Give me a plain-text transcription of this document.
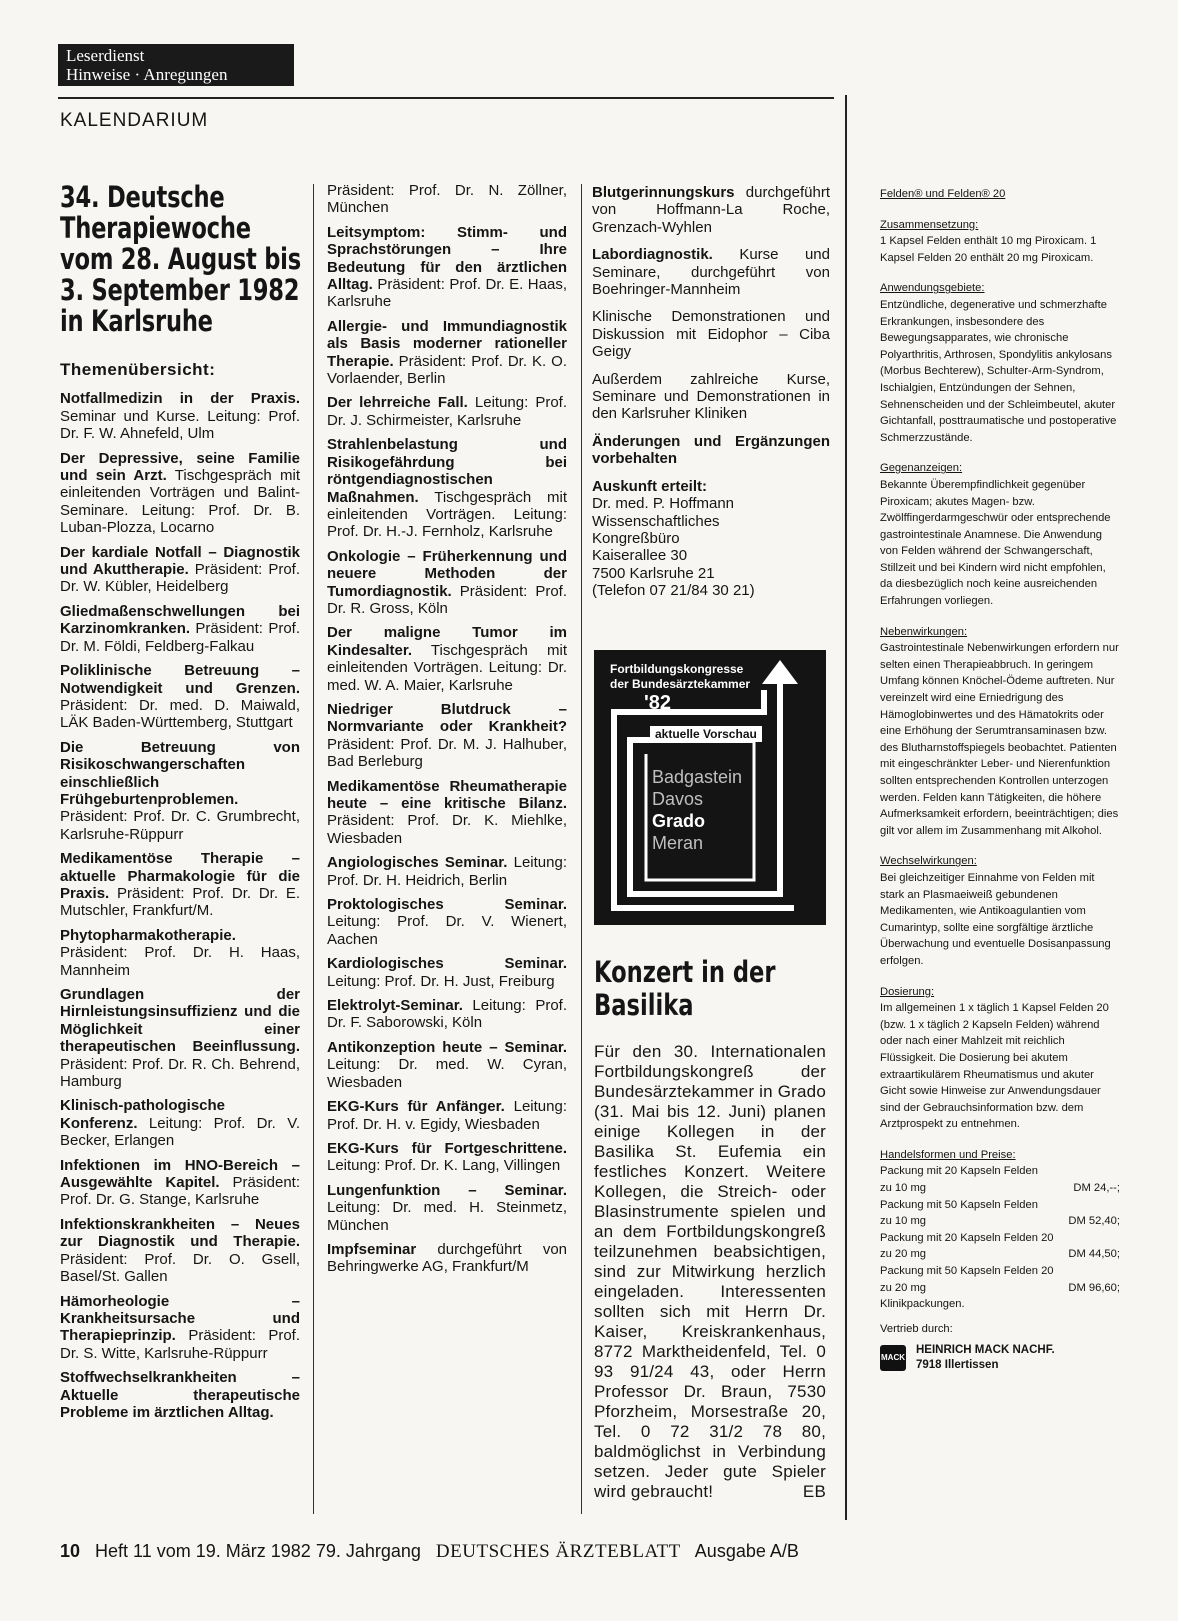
Leserdienst
Hinweise · Anregungen
KALENDARIUM
34. Deutsche Therapiewoche vom 28. August bis 3. September 1982 in Karlsruhe
Themenübersicht:
Notfallmedizin in der Praxis. Seminar und Kurse. Leitung: Prof. Dr. F. W. Ahnefeld, Ulm
Der Depressive, seine Familie und sein Arzt. Tischgespräch mit einleitenden Vorträgen und Balint-Seminare. Leitung: Prof. Dr. B. Luban-Plozza, Locarno
Der kardiale Notfall – Diagnostik und Akuttherapie. Präsident: Prof. Dr. W. Kübler, Heidelberg
Gliedmaßenschwellungen bei Karzinomkranken. Präsident: Prof. Dr. M. Földi, Feldberg-Falkau
Poliklinische Betreuung – Notwendigkeit und Grenzen. Präsident: Dr. med. D. Maiwald, LÄK Baden-Württemberg, Stuttgart
Die Betreuung von Risikoschwangerschaften einschließlich Frühgeburtenproblemen. Präsident: Prof. Dr. C. Grumbrecht, Karlsruhe-Rüppurr
Medikamentöse Therapie – aktuelle Pharmakologie für die Praxis. Präsident: Prof. Dr. Dr. E. Mutschler, Frankfurt/M.
Phytopharmakotherapie. Präsident: Prof. Dr. H. Haas, Mannheim
Grundlagen der Hirnleistungsinsuffizienz und die Möglichkeit einer therapeutischen Beeinflussung. Präsident: Prof. Dr. R. Ch. Behrend, Hamburg
Klinisch-pathologische Konferenz. Leitung: Prof. Dr. V. Becker, Erlangen
Infektionen im HNO-Bereich – Ausgewählte Kapitel. Präsident: Prof. Dr. G. Stange, Karlsruhe
Infektionskrankheiten – Neues zur Diagnostik und Therapie. Präsident: Prof. Dr. O. Gsell, Basel/St. Gallen
Hämorheologie – Krankheitsursache und Therapieprinzip. Präsident: Prof. Dr. S. Witte, Karlsruhe-Rüppurr
Stoffwechselkrankheiten – Aktuelle therapeutische Probleme im ärztlichen Alltag.
Präsident: Prof. Dr. N. Zöllner, München
Leitsymptom: Stimm- und Sprachstörungen – Ihre Bedeutung für den ärztlichen Alltag. Präsident: Prof. Dr. E. Haas, Karlsruhe
Allergie- und Immundiagnostik als Basis moderner rationeller Therapie. Präsident: Prof. Dr. K. O. Vorlaender, Berlin
Der lehrreiche Fall. Leitung: Prof. Dr. J. Schirmeister, Karlsruhe
Strahlenbelastung und Risikogefährdung bei röntgendiagnostischen Maßnahmen. Tischgespräch mit einleitenden Vorträgen. Leitung: Prof. Dr. H.-J. Fernholz, Karlsruhe
Onkologie – Früherkennung und neuere Methoden der Tumordiagnostik. Präsident: Prof. Dr. R. Gross, Köln
Der maligne Tumor im Kindesalter. Tischgespräch mit einleitenden Vorträgen. Leitung: Dr. med. W. A. Maier, Karlsruhe
Niedriger Blutdruck – Normvariante oder Krankheit? Präsident: Prof. Dr. M. J. Halhuber, Bad Berleburg
Medikamentöse Rheumatherapie heute – eine kritische Bilanz. Präsident: Prof. Dr. K. Miehlke, Wiesbaden
Angiologisches Seminar. Leitung: Prof. Dr. H. Heidrich, Berlin
Proktologisches Seminar. Leitung: Prof. Dr. V. Wienert, Aachen
Kardiologisches Seminar. Leitung: Prof. Dr. H. Just, Freiburg
Elektrolyt-Seminar. Leitung: Prof. Dr. F. Saborowski, Köln
Antikonzeption heute – Seminar. Leitung: Dr. med. W. Cyran, Wiesbaden
EKG-Kurs für Anfänger. Leitung: Prof. Dr. H. v. Egidy, Wiesbaden
EKG-Kurs für Fortgeschrittene. Leitung: Prof. Dr. K. Lang, Villingen
Lungenfunktion – Seminar. Leitung: Dr. med. H. Steinmetz, München
Impfseminar durchgeführt von Behringwerke AG, Frankfurt/M
Blutgerinnungskurs durchgeführt von Hoffmann-La Roche, Grenzach-Wyhlen
Labordiagnostik. Kurse und Seminare, durchgeführt von Boehringer-Mannheim
Klinische Demonstrationen und Diskussion mit Eidophor – Ciba Geigy
Außerdem zahlreiche Kurse, Seminare und Demonstrationen in den Karlsruher Kliniken
Änderungen und Ergänzungen vorbehalten
Auskunft erteilt:
Dr. med. P. Hoffmann
Wissenschaftliches
Kongreßbüro
Kaiserallee 30
7500 Karlsruhe 21
(Telefon 07 21/84 30 21)
Fortbildungskongresse
der Bundesärztekammer
'82
aktuelle Vorschau
Badgastein
Davos
Grado
Meran
Konzert in der Basilika
Für den 30. Internationalen Fortbildungskongreß der Bundesärztekammer in Grado (31. Mai bis 12. Juni) planen einige Kollegen in der Basilika St. Eufemia ein festliches Konzert. Weitere Kollegen, die Streich- oder Blasinstrumente spielen und an dem Fortbildungskongreß teilzunehmen beabsichtigen, sind zur Mitwirkung herzlich eingeladen. Interessenten sollten sich mit Herrn Dr. Kaiser, Kreiskrankenhaus, 8772 Marktheidenfeld, Tel. 0 93 91/24 43, oder Herrn Professor Dr. Braun, 7530 Pforzheim, Morsestraße 20, Tel. 0 72 31/2 78 80, baldmöglichst in Verbindung setzen. Jeder gute Spieler wird gebraucht!	EB
Felden® und Felden® 20
Zusammensetzung:
1 Kapsel Felden enthält 10 mg Piroxicam. 1 Kapsel Felden 20 enthält 20 mg Piroxicam.
Anwendungsgebiete:
Entzündliche, degenerative und schmerzhafte Erkrankungen, insbesondere des Bewegungsapparates, wie chronische Polyarthritis, Arthrosen, Spondylitis ankylosans (Morbus Bechterew), Schulter-Arm-Syndrom, Ischialgien, Entzündungen der Sehnen, Sehnenscheiden und der Schleimbeutel, akuter Gichtanfall, posttraumatische und postoperative Schmerzzustände.
Gegenanzeigen:
Bekannte Überempfindlichkeit gegenüber Piroxicam; akutes Magen- bzw. Zwölffingerdarmgeschwür oder entsprechende gastrointestinale Anamnese. Die Anwendung von Felden während der Schwangerschaft, Stillzeit und bei Kindern wird nicht empfohlen, da diesbezüglich noch keine ausreichenden Erfahrungen vorliegen.
Nebenwirkungen:
Gastrointestinale Nebenwirkungen erfordern nur selten einen Therapieabbruch. In geringem Umfang können Knöchel-Ödeme auftreten. Nur vereinzelt wird eine Erniedrigung des Hämoglobinwertes und des Hämatokrits oder eine Erhöhung der Serumtransaminasen bzw. des Blutharnstoffspiegels beobachtet. Patienten mit eingeschränkter Leber- und Nierenfunktion sollten entsprechenden Kontrollen unterzogen werden. Felden kann Tätigkeiten, die höhere Aufmerksamkeit erfordern, beeinträchtigen; dies gilt vor allem im Zusammenhang mit Alkohol.
Wechselwirkungen:
Bei gleichzeitiger Einnahme von Felden mit stark an Plasmaeiweiß gebundenen Medikamenten, wie Antikoagulantien vom Cumarintyp, sollte eine sorgfältige ärztliche Überwachung und eventuelle Dosisanpassung erfolgen.
Dosierung:
Im allgemeinen 1 x täglich 1 Kapsel Felden 20 (bzw. 1 x täglich 2 Kapseln Felden) während oder nach einer Mahlzeit mit reichlich Flüssigkeit. Die Dosierung bei akutem extraartikulärem Rheumatismus und akuter Gicht sowie Hinweise zur Anwendungsdauer sind der Gebrauchsinformation bzw. dem Arztprospekt zu entnehmen.
Handelsformen und Preise:
Packung mit 20 Kapseln Felden
zu 10 mg	DM 24,--;
Packung mit 50 Kapseln Felden
zu 10 mg	DM 52,40;
Packung mit 20 Kapseln Felden 20
zu 20 mg	DM 44,50;
Packung mit 50 Kapseln Felden 20
zu 20 mg	DM 96,60;
Klinikpackungen.
Vertrieb durch:
MACK
HEINRICH MACK NACHF.
7918 Illertissen
10 Heft 11 vom 19. März 1982 79. Jahrgang DEUTSCHES ÄRZTEBLATT Ausgabe A/B
